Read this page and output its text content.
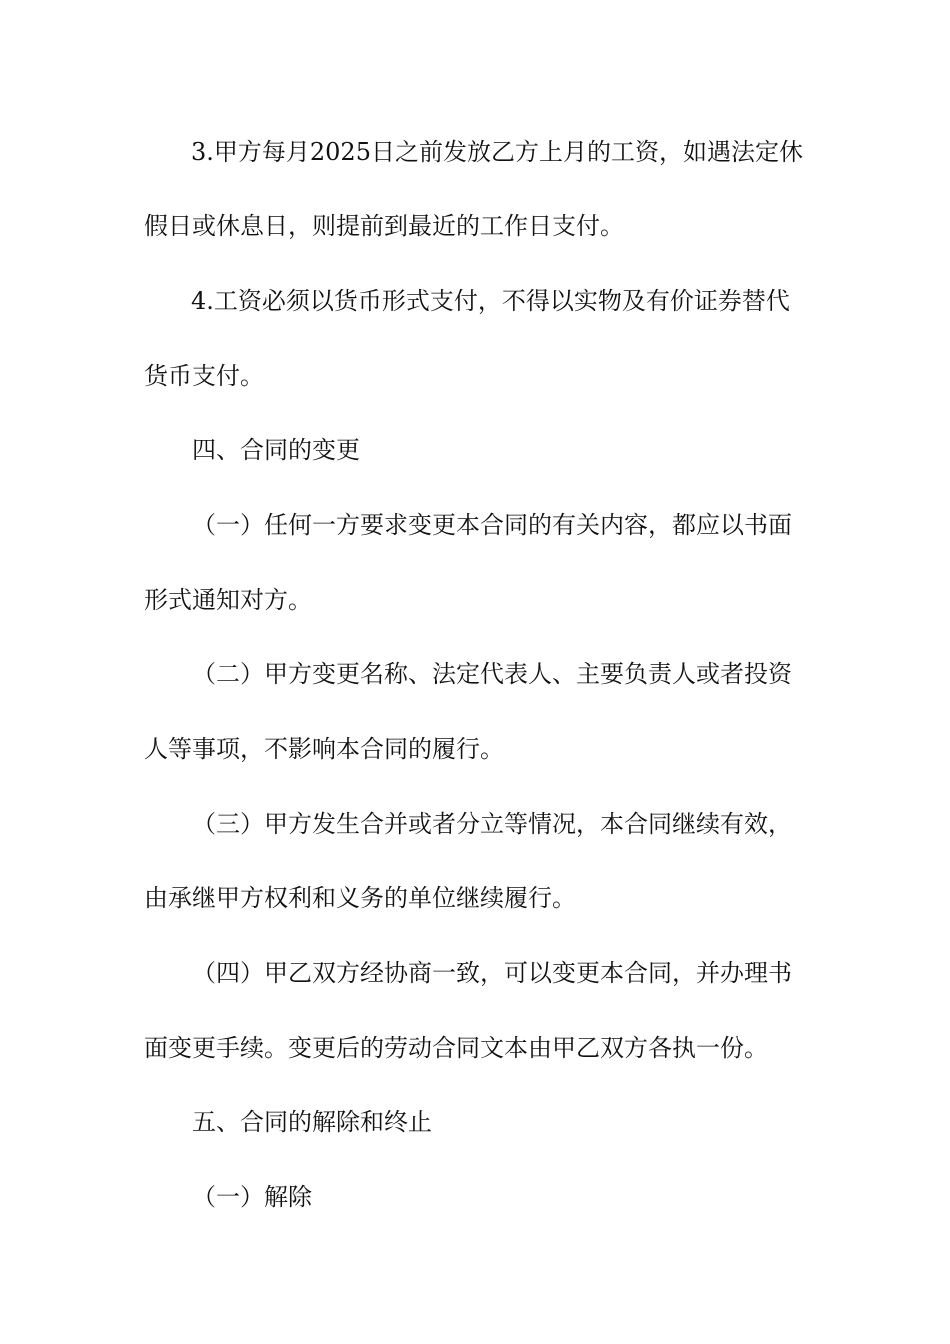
3.甲方每月2025日之前发放乙方上月的工资，如遇法定休
假日或休息日，则提前到最近的工作日支付。
4.工资必须以货币形式支付，不得以实物及有价证券替代
货币支付。
四、合同的变更
（一）任何一方要求变更本合同的有关内容，都应以书面
形式通知对方。
（二）甲方变更名称、法定代表人、主要负责人或者投资
人等事项，不影响本合同的履行。
（三）甲方发生合并或者分立等情况，本合同继续有效，
由承继甲方权利和义务的单位继续履行。
（四）甲乙双方经协商一致，可以变更本合同，并办理书
面变更手续。变更后的劳动合同文本由甲乙双方各执一份。
五、合同的解除和终止
（一）解除
